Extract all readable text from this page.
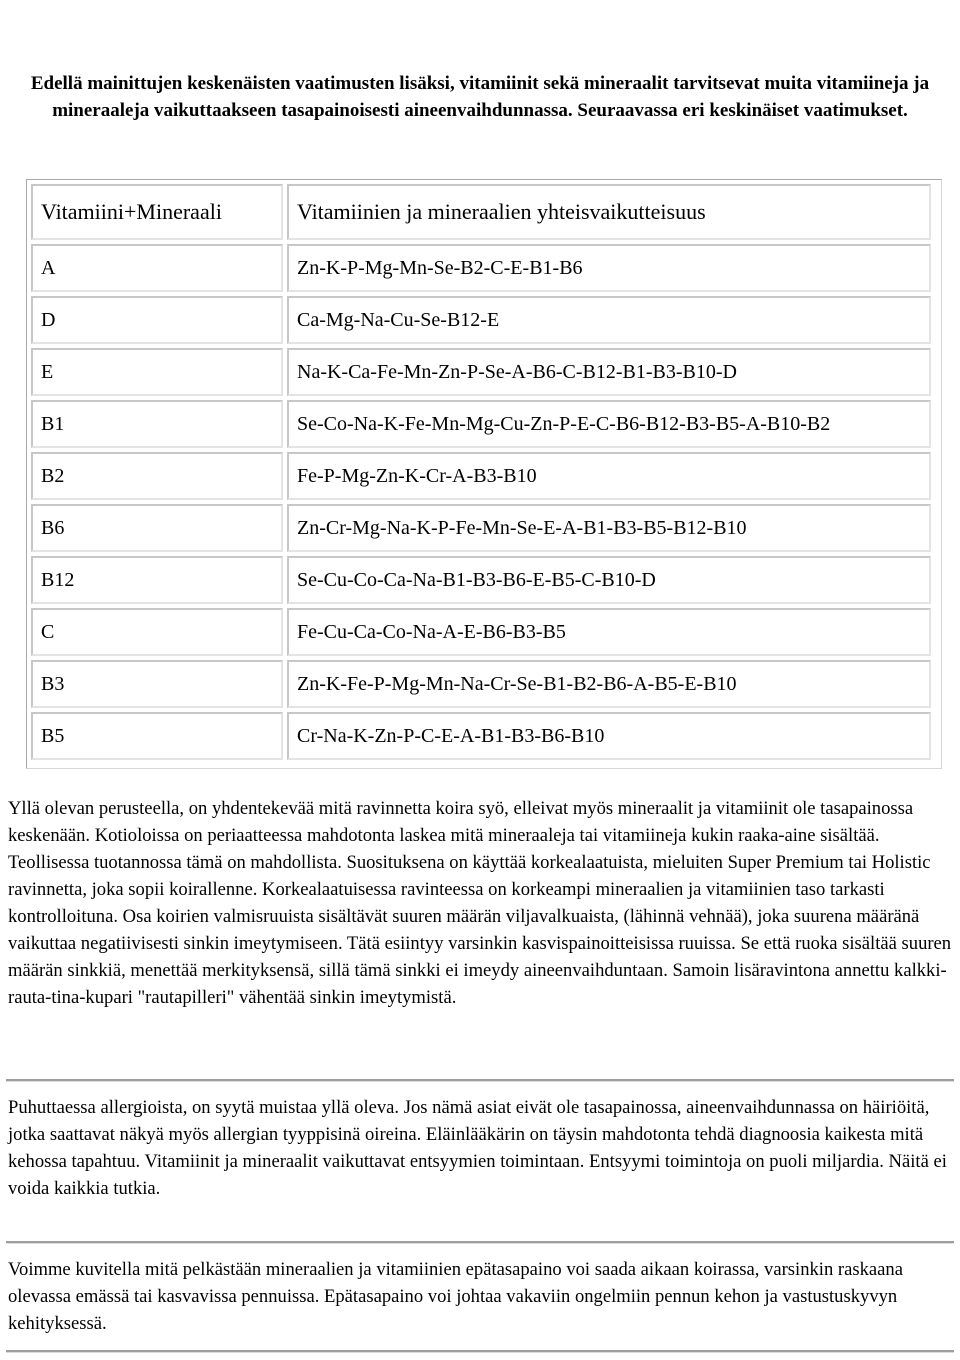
Edellä mainittujen keskenäisten vaatimusten lisäksi, vitamiinit sekä mineraalit tarvitsevat muita vitamiineja ja mineraaleja vaikuttaakseen tasapainoisesti aineenvaihdunnassa. Seuraavassa eri keskinäiset vaatimukset.
Vitamiini+Mineraali	Vitamiinien ja mineraalien yhteisvaikutteisuus
A	Zn-K-P-Mg-Mn-Se-B2-C-E-B1-B6
D	Ca-Mg-Na-Cu-Se-B12-E
E	Na-K-Ca-Fe-Mn-Zn-P-Se-A-B6-C-B12-B1-B3-B10-D
B1	Se-Co-Na-K-Fe-Mn-Mg-Cu-Zn-P-E-C-B6-B12-B3-B5-A-B10-B2
B2	Fe-P-Mg-Zn-K-Cr-A-B3-B10
B6	Zn-Cr-Mg-Na-K-P-Fe-Mn-Se-E-A-B1-B3-B5-B12-B10
B12	Se-Cu-Co-Ca-Na-B1-B3-B6-E-B5-C-B10-D
C	Fe-Cu-Ca-Co-Na-A-E-B6-B3-B5
B3	Zn-K-Fe-P-Mg-Mn-Na-Cr-Se-B1-B2-B6-A-B5-E-B10
B5	Cr-Na-K-Zn-P-C-E-A-B1-B3-B6-B10
Yllä olevan perusteella, on yhdentekevää mitä ravinnetta koira syö, elleivat myös mineraalit ja vitamiinit ole tasapainossa keskenään. Kotioloissa on periaatteessa mahdotonta laskea mitä mineraaleja tai vitamiineja kukin raaka-aine sisältää. Teollisessa tuotannossa tämä on mahdollista. Suosituksena on käyttää korkealaatuista, mieluiten Super Premium tai Holistic ravinnetta, joka sopii koirallenne. Korkealaatuisessa ravinteessa on korkeampi mineraalien ja vitamiinien taso tarkasti kontrolloituna. Osa koirien valmisruuista sisältävät suuren määrän viljavalkuaista, (lähinnä vehnää), joka suurena määränä vaikuttaa negatiivisesti sinkin imeytymiseen. Tätä esiintyy varsinkin kasvispainoitteisissa ruuissa. Se että ruoka sisältää suuren määrän sinkkiä, menettää merkityksensä, sillä tämä sinkki ei imeydy aineenvaihduntaan. Samoin lisäravintona annettu kalkki-rauta-tina-kupari "rautapilleri" vähentää sinkin imeytymistä.
Puhuttaessa allergioista, on syytä muistaa yllä oleva. Jos nämä asiat eivät ole tasapainossa, aineenvaihdunnassa on häiriöitä, jotka saattavat näkyä myös allergian tyyppisinä oireina. Eläinlääkärin on täysin mahdotonta tehdä diagnoosia kaikesta mitä kehossa tapahtuu. Vitamiinit ja mineraalit vaikuttavat entsyymien toimintaan. Entsyymi toimintoja on puoli miljardia. Näitä ei voida kaikkia tutkia.
Voimme kuvitella mitä pelkästään mineraalien ja vitamiinien epätasapaino voi saada aikaan koirassa, varsinkin raskaana olevassa emässä tai kasvavissa pennuissa. Epätasapaino voi johtaa vakaviin ongelmiin pennun kehon ja vastustuskyvyn kehityksessä.
